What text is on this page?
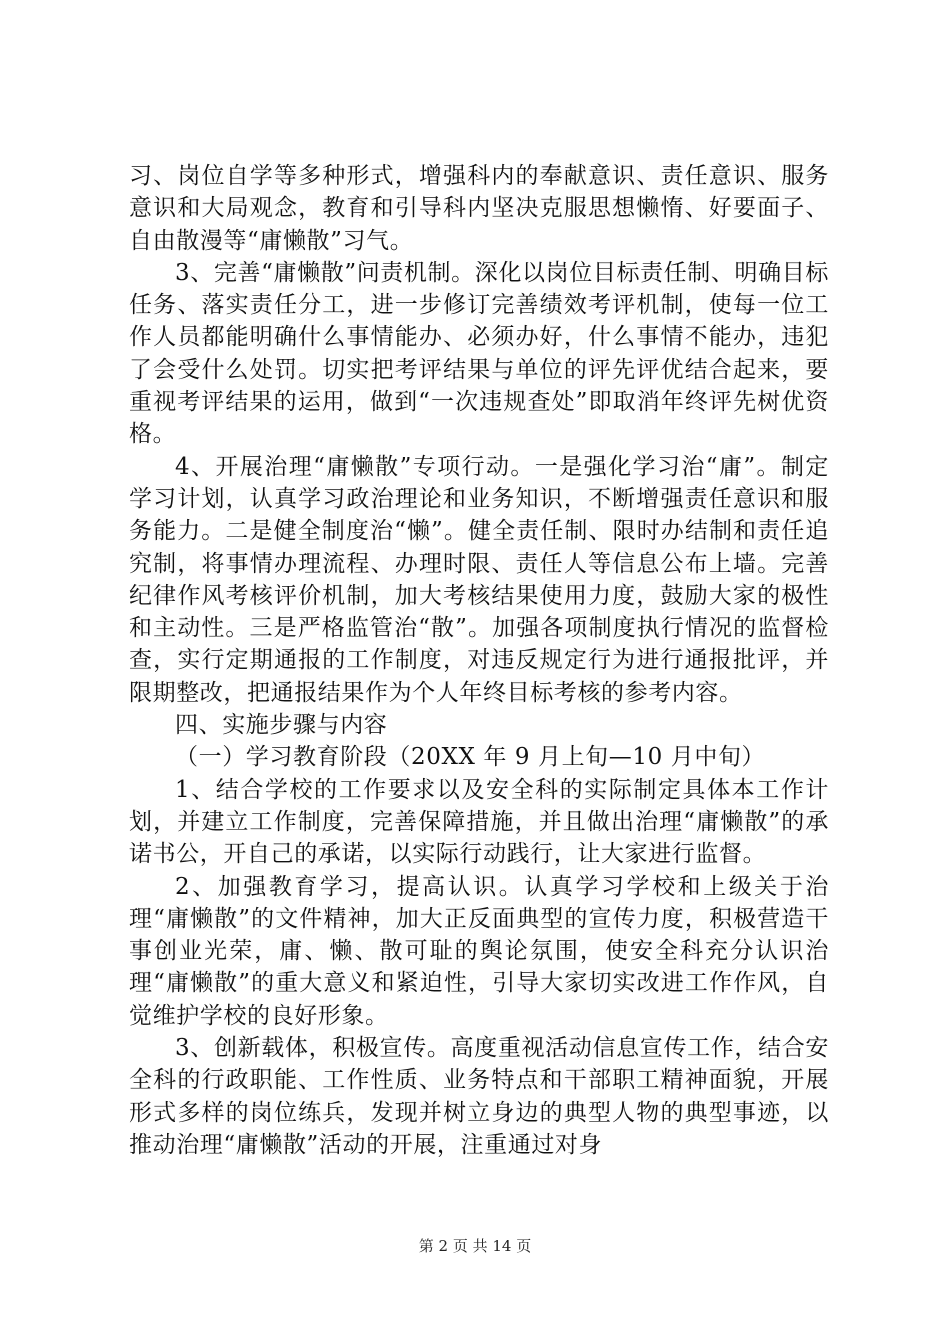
习、岗位自学等多种形式，增强科内的奉献意识、责任意识、服务意识和大局观念，教育和引导科内坚决克服思想懒惰、好要面子、自由散漫等“庸懒散”习气。

3、完善“庸懒散”问责机制。深化以岗位目标责任制、明确目标任务、落实责任分工，进一步修订完善绩效考评机制，使每一位工作人员都能明确什么事情能办、必须办好，什么事情不能办，违犯了会受什么处罚。切实把考评结果与单位的评先评优结合起来，要重视考评结果的运用，做到“一次违规查处”即取消年终评先树优资格。

4、开展治理“庸懒散”专项行动。一是强化学习治“庸”。制定学习计划，认真学习政治理论和业务知识，不断增强责任意识和服务能力。二是健全制度治“懒”。健全责任制、限时办结制和责任追究制，将事情办理流程、办理时限、责任人等信息公布上墙。完善纪律作风考核评价机制，加大考核结果使用力度，鼓励大家的极性和主动性。三是严格监管治“散”。加强各项制度执行情况的监督检查，实行定期通报的工作制度，对违反规定行为进行通报批评，并限期整改，把通报结果作为个人年终目标考核的参考内容。

四、实施步骤与内容

（一）学习教育阶段（20XX 年 9 月上旬—10 月中旬）

1、结合学校的工作要求以及安全科的实际制定具体本工作计划，并建立工作制度，完善保障措施，并且做出治理“庸懒散”的承诺书公，开自己的承诺，以实际行动践行，让大家进行监督。

2、加强教育学习，提高认识。认真学习学校和上级关于治理“庸懒散”的文件精神，加大正反面典型的宣传力度，积极营造干事创业光荣，庸、懒、散可耻的舆论氛围，使安全科充分认识治理“庸懒散”的重大意义和紧迫性，引导大家切实改进工作作风，自觉维护学校的良好形象。

3、创新载体，积极宣传。高度重视活动信息宣传工作，结合安全科的行政职能、工作性质、业务特点和干部职工精神面貌，开展形式多样的岗位练兵，发现并树立身边的典型人物的典型事迹，以推动治理“庸懒散”活动的开展，注重通过对身

第 2 页 共 14 页
